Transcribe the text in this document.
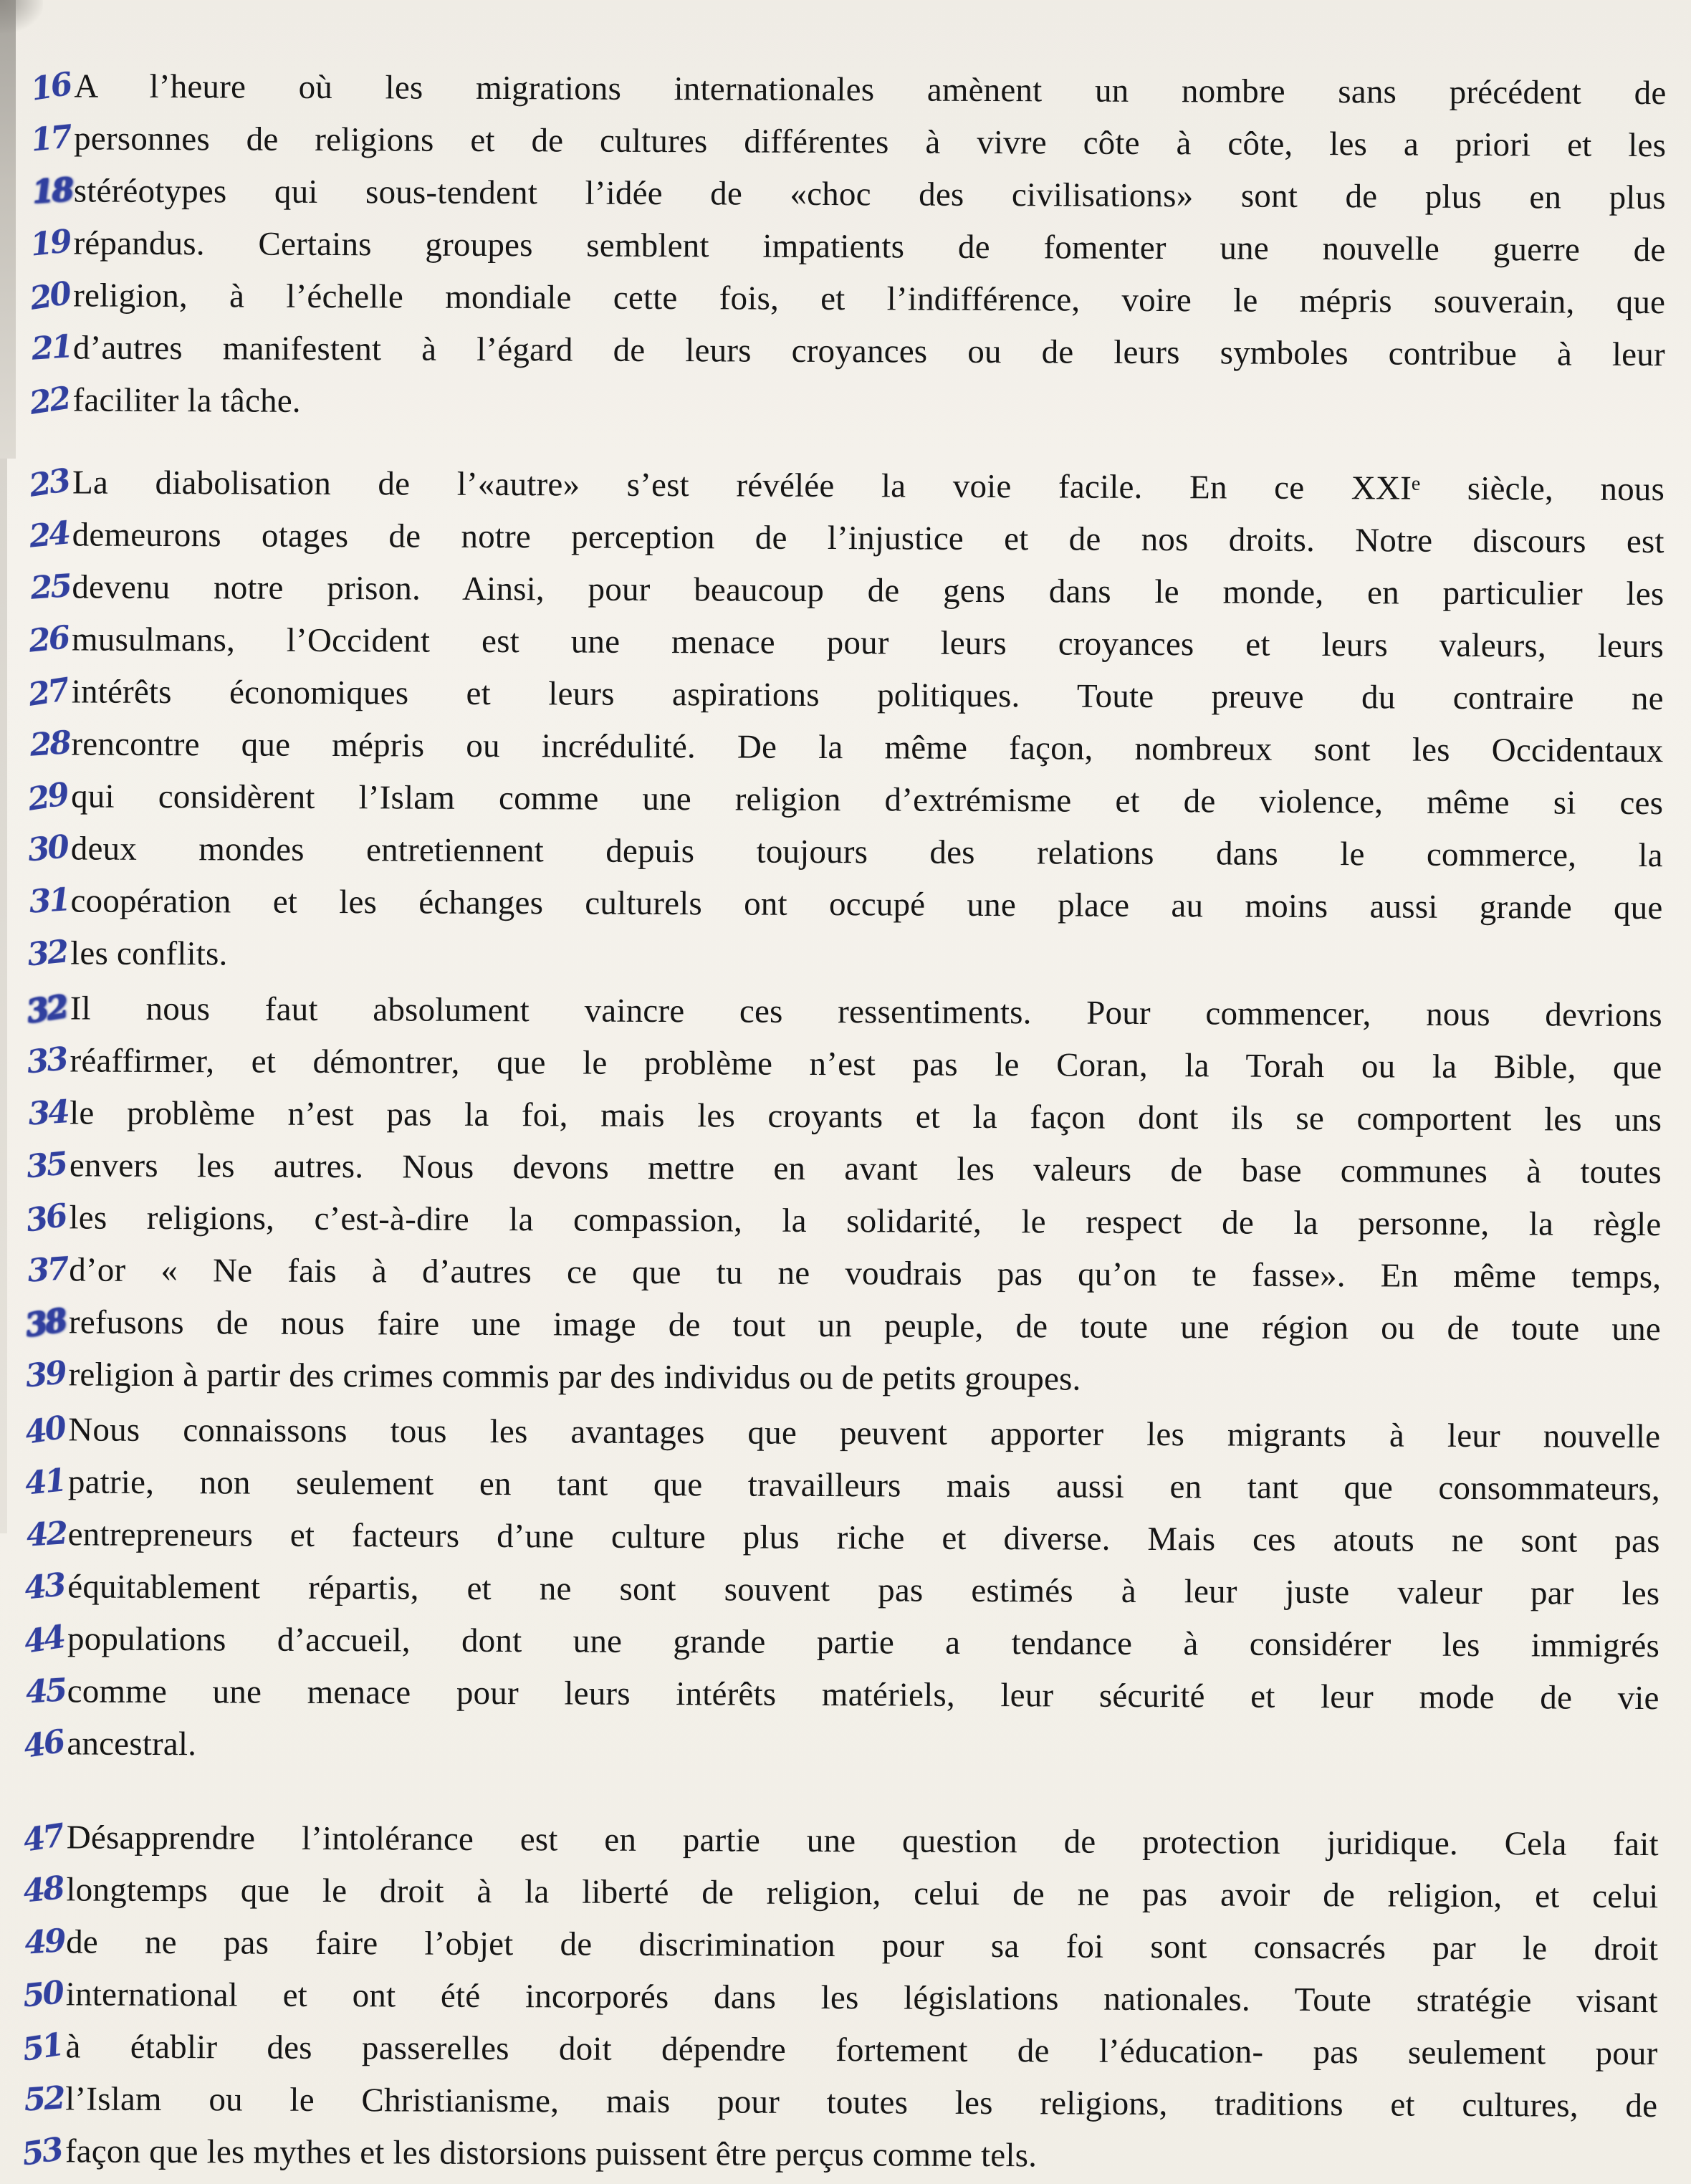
16 A l’heure où les migrations internationales amènent un nombre sans précédent de
17 personnes de religions et de cultures différentes à vivre côte à côte, les a priori et les
18 stéréotypes qui sous-tendent l’idée de «choc des civilisations» sont de plus en plus
19 répandus. Certains groupes semblent impatients de fomenter une nouvelle guerre de
20 religion, à l’échelle mondiale cette fois, et l’indifférence, voire le mépris souverain, que
21 d’autres manifestent à l’égard de leurs croyances ou de leurs symboles contribue à leur
22 faciliter la tâche.
23 La diabolisation de l’«autre» s’est révélée la voie facile. En ce XXIᵉ siècle, nous
24 demeurons otages de notre perception de l’injustice et de nos droits. Notre discours est
25 devenu notre prison. Ainsi, pour beaucoup de gens dans le monde, en particulier les
26 musulmans, l’Occident est une menace pour leurs croyances et leurs valeurs, leurs
27 intérêts économiques et leurs aspirations politiques. Toute preuve du contraire ne
28 rencontre que mépris ou incrédulité. De la même façon, nombreux sont les Occidentaux
29 qui considèrent l’Islam comme une religion d’extrémisme et de violence, même si ces
30 deux mondes entretiennent depuis toujours des relations dans le commerce, la
31 coopération et les échanges culturels ont occupé une place au moins aussi grande que
32 les conflits.
32 Il nous faut absolument vaincre ces ressentiments. Pour commencer, nous devrions
33 réaffirmer, et démontrer, que le problème n’est pas le Coran, la Torah ou la Bible, que
34 le problème n’est pas la foi, mais les croyants et la façon dont ils se comportent les uns
35 envers les autres. Nous devons mettre en avant les valeurs de base communes à toutes
36 les religions, c’est-à-dire la compassion, la solidarité, le respect de la personne, la règle
37 d’or « Ne fais à d’autres ce que tu ne voudrais pas qu’on te fasse». En même temps,
38 refusons de nous faire une image de tout un peuple, de toute une région ou de toute une
39 religion à partir des crimes commis par des individus ou de petits groupes.
40 Nous connaissons tous les avantages que peuvent apporter les migrants à leur nouvelle
41 patrie, non seulement en tant que travailleurs mais aussi en tant que consommateurs,
42 entrepreneurs et facteurs d’une culture plus riche et diverse. Mais ces atouts ne sont pas
43 équitablement répartis, et ne sont souvent pas estimés à leur juste valeur par les
44 populations d’accueil, dont une grande partie a tendance à considérer les immigrés
45 comme une menace pour leurs intérêts matériels, leur sécurité et leur mode de vie
46 ancestral.
47 Désapprendre l’intolérance est en partie une question de protection juridique. Cela fait
48 longtemps que le droit à la liberté de religion, celui de ne pas avoir de religion, et celui
49 de ne pas faire l’objet de discrimination pour sa foi sont consacrés par le droit
50 international et ont été incorporés dans les législations nationales. Toute stratégie visant
51 à établir des passerelles doit dépendre fortement de l’éducation- pas seulement pour
52 l’Islam ou le Christianisme, mais pour toutes les religions, traditions et cultures, de
53 façon que les mythes et les distorsions puissent être perçus comme tels.
